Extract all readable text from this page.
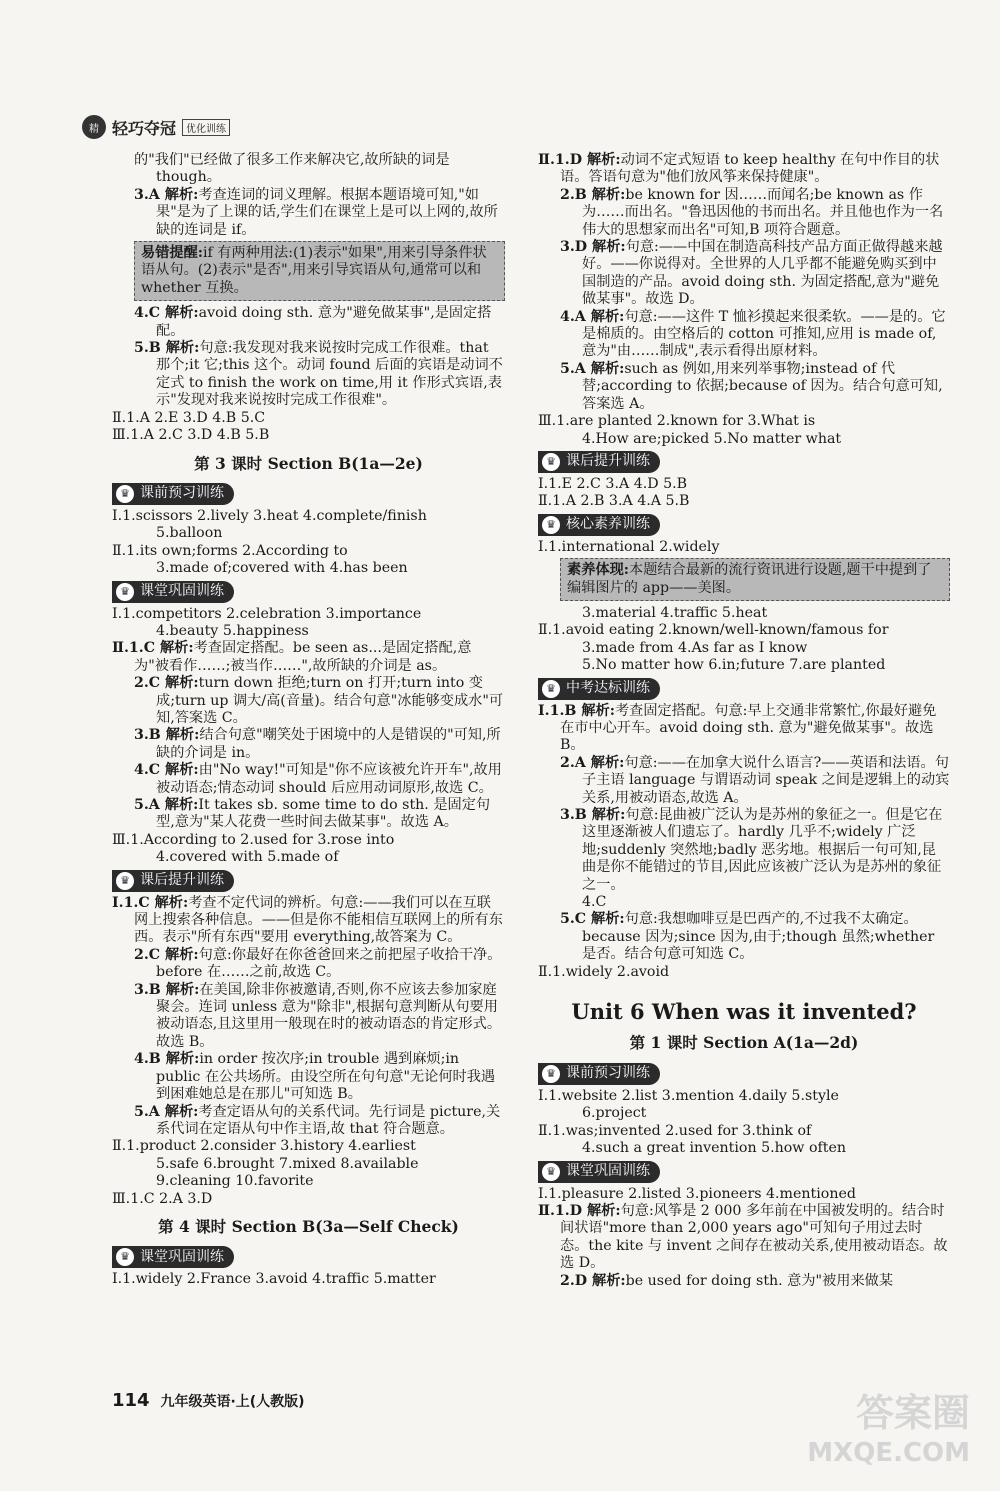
精 轻巧夺冠	优化训练

的"我们"已经做了很多工作来解决它,故所缺的词是 though。

3.A 解析:考查连词的词义理解。根据本题语境可知,"如果"是为了上课的话,学生们在课堂上是可以上网的,故所缺的连词是 if。

易错提醒:if 有两种用法:(1)表示"如果",用来引导条件状语从句。(2)表示"是否",用来引导宾语从句,通常可以和 whether 互换。

4.C 解析:avoid doing sth. 意为"避免做某事",是固定搭配。

5.B 解析:句意:我发现对我来说按时完成工作很难。that 那个;it 它;this 这个。动词 found 后面的宾语是动词不定式 to finish the work on time,用 it 作形式宾语,表示"发现对我来说按时完成工作很难"。

Ⅱ.1.A 2.E 3.D 4.B 5.C

Ⅲ.1.A 2.C 3.D 4.B 5.B

第 3 课时 Section B(1a—2e)
♛ 课前预习训练

Ⅰ.1.scissors 2.lively 3.heat 4.complete/finish

5.balloon

Ⅱ.1.its own;forms 2.According to

3.made of;covered with 4.has been

♛ 课堂巩固训练

Ⅰ.1.competitors 2.celebration 3.importance

4.beauty 5.happiness

Ⅱ.1.C 解析:考查固定搭配。be seen as...是固定搭配,意为"被看作……;被当作……",故所缺的介词是 as。

2.C 解析:turn down 拒绝;turn on 打开;turn into 变成;turn up 调大/高(音量)。结合句意"冰能够变成水"可知,答案选 C。

3.B 解析:结合句意"嘲笑处于困境中的人是错误的"可知,所缺的介词是 in。

4.C 解析:由"No way!"可知是"你不应该被允许开车",故用被动语态;情态动词 should 后应用动词原形,故选 C。

5.A 解析:It takes sb. some time to do sth. 是固定句型,意为"某人花费一些时间去做某事"。故选 A。

Ⅲ.1.According to 2.used for 3.rose into

4.covered with 5.made of

♛ 课后提升训练

Ⅰ.1.C 解析:考查不定代词的辨析。句意:——我们可以在互联网上搜索各种信息。——但是你不能相信互联网上的所有东西。表示"所有东西"要用 everything,故答案为 C。

2.C 解析:句意:你最好在你爸爸回来之前把屋子收拾干净。before 在……之前,故选 C。

3.B 解析:在美国,除非你被邀请,否则,你不应该去参加家庭聚会。连词 unless 意为"除非",根据句意判断从句要用被动语态,且这里用一般现在时的被动语态的肯定形式。故选 B。

4.B 解析:in order 按次序;in trouble 遇到麻烦;in public 在公共场所。由设空所在句句意"无论何时我遇到困难她总是在那儿"可知选 B。

5.A 解析:考查定语从句的关系代词。先行词是 picture,关系代词在定语从句中作主语,故 that 符合题意。

Ⅱ.1.product 2.consider 3.history 4.earliest

5.safe 6.brought 7.mixed 8.available

9.cleaning 10.favorite

Ⅲ.1.C 2.A 3.D

第 4 课时 Section B(3a—Self Check)
♛ 课堂巩固训练

Ⅰ.1.widely 2.France 3.avoid 4.traffic 5.matter

Ⅱ.1.D 解析:动词不定式短语 to keep healthy 在句中作目的状语。答语句意为"他们放风筝来保持健康"。

2.B 解析:be known for 因……而闻名;be known as 作为……而出名。"鲁迅因他的书而出名。并且他也作为一名伟大的思想家而出名"可知,B 项符合题意。

3.D 解析:句意:——中国在制造高科技产品方面正做得越来越好。——你说得对。全世界的人几乎都不能避免购买到中国制造的产品。avoid doing sth. 为固定搭配,意为"避免做某事"。故选 D。

4.A 解析:句意:——这件 T 恤衫摸起来很柔软。——是的。它是棉质的。由空格后的 cotton 可推知,应用 is made of,意为"由……制成",表示看得出原材料。

5.A 解析:such as 例如,用来列举事物;instead of 代替;according to 依据;because of 因为。结合句意可知,答案选 A。

Ⅲ.1.are planted 2.known for 3.What is

4.How are;picked 5.No matter what

♛ 课后提升训练

Ⅰ.1.E 2.C 3.A 4.D 5.B

Ⅱ.1.A 2.B 3.A 4.A 5.B

♛ 核心素养训练

Ⅰ.1.international 2.widely

素养体现:本题结合最新的流行资讯进行设题,题干中提到了编辑图片的 app——美图。

3.material 4.traffic 5.heat

Ⅱ.1.avoid eating 2.known/well-known/famous for

3.made from 4.As far as I know

5.No matter how 6.in;future 7.are planted

♛ 中考达标训练

Ⅰ.1.B 解析:考查固定搭配。句意:早上交通非常繁忙,你最好避免在市中心开车。avoid doing sth. 意为"避免做某事"。故选 B。

2.A 解析:句意:——在加拿大说什么语言?——英语和法语。句子主语 language 与谓语动词 speak 之间是逻辑上的动宾关系,用被动语态,故选 A。

3.B 解析:句意:昆曲被广泛认为是苏州的象征之一。但是它在这里逐渐被人们遗忘了。hardly 几乎不;widely 广泛地;suddenly 突然地;badly 恶劣地。根据后一句可知,昆曲是你不能错过的节目,因此应该被广泛认为是苏州的象征之一。

4.C

5.C 解析:句意:我想咖啡豆是巴西产的,不过我不太确定。because 因为;since 因为,由于;though 虽然;whether 是否。结合句意可知选 C。

Ⅱ.1.widely 2.avoid

Unit 6 When was it invented?
第 1 课时 Section A(1a—2d)
♛ 课前预习训练

Ⅰ.1.website 2.list 3.mention 4.daily 5.style

6.project

Ⅱ.1.was;invented 2.used for 3.think of

4.such a great invention 5.how often

♛ 课堂巩固训练

Ⅰ.1.pleasure 2.listed 3.pioneers 4.mentioned

Ⅱ.1.D 解析:句意:风筝是 2 000 多年前在中国被发明的。结合时间状语"more than 2,000 years ago"可知句子用过去时态。the kite 与 invent 之间存在被动关系,使用被动语态。故选 D。

2.D 解析:be used for doing sth. 意为"被用来做某

114 九年级英语·上(人教版)	答案圈
MXQE.COM
